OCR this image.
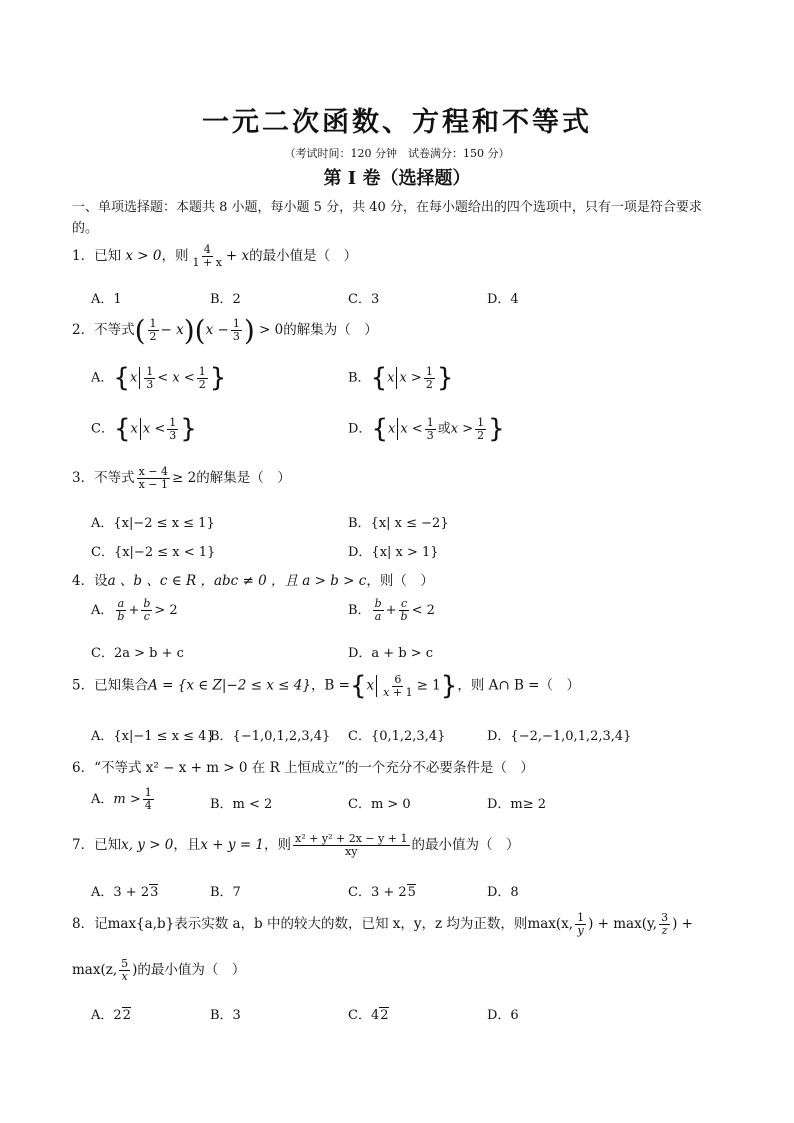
一元二次函数、方程和不等式
（考试时间：120 分钟　试卷满分：150 分）
第 I 卷（选择题）
一、单项选择题：本题共 8 小题，每小题 5 分，共 40 分，在每小题给出的四个选项中，只有一项是符合要求的。
1．已知 x > 0，则 $\frac{4}{1 + x} + x$的最小值是（　）
A．1	B．2	C．3	D．4
2．不等式( $\frac{1}{2} - x)(x - \frac{1}{3}$ ) > 0的解集为（　）
A．{$x \frac{1}{3} < x < \frac{1}{2}$ }	B．{x $x > \frac{1}{2}$ }
C．{x $x < \frac{1}{3}$ }	D．{x $x < \frac{1}{3}$ 或$x > \frac{1}{2}$ }
3．不等式 $\frac{x - 4}{x - 1} \ge 2$的解集是（　）
A．{x|−2 ≤ x ≤ 1}	B．{x| x ≤ −2}
C．{x|−2 ≤ x < 1}	D．{x| x > 1}
4．设a 、b 、c ∈ R ，abc ≠ 0 ，且 a > b > c，则（　）
A． $\frac{a}{b} + \frac{b}{c} > 2$	B． $\frac{b}{a} + \frac{c}{b} < 2$
C．2a > b + c	D．a + b > c
5．已知集合A = {x ∈ Z|−2 ≤ x ≤ 4}，$B =\{x \frac{6}{x + 1} \ge 1\}$，则 A∩ B =（　）
A．{x|−1 ≤ x ≤ 4}
B．{−1,0,1,2,3,4} C．{0,1,2,3,4}	D．{−2,−1,0,1,2,3,4}
6．“不等式 x² − x + m > 0 在 R 上恒成立”的一个充分不必要条件是（　）
A．$m > \frac{1}{4}$	B．m < 2	C．m > 0	D．m≥ 2
7．已知x, y > 0，且x + y = 1，则 $\frac{\text{x² + y² + 2x − y + 1}}{xy}$ 的最小值为（　）
A．3 + 23	B．7	C．3 + 25	D．8
8．记max{a,b}表示实数 a，b 中的较大的数，已知 x，y，z 均为正数，则max(x, $\frac{1}{y}$ ) + max(y, $\frac{3}{z}$ ) +
max(z, $\frac{5}{x}$ )的最小值为（　）
A．22	B．3	C．42	D．6
